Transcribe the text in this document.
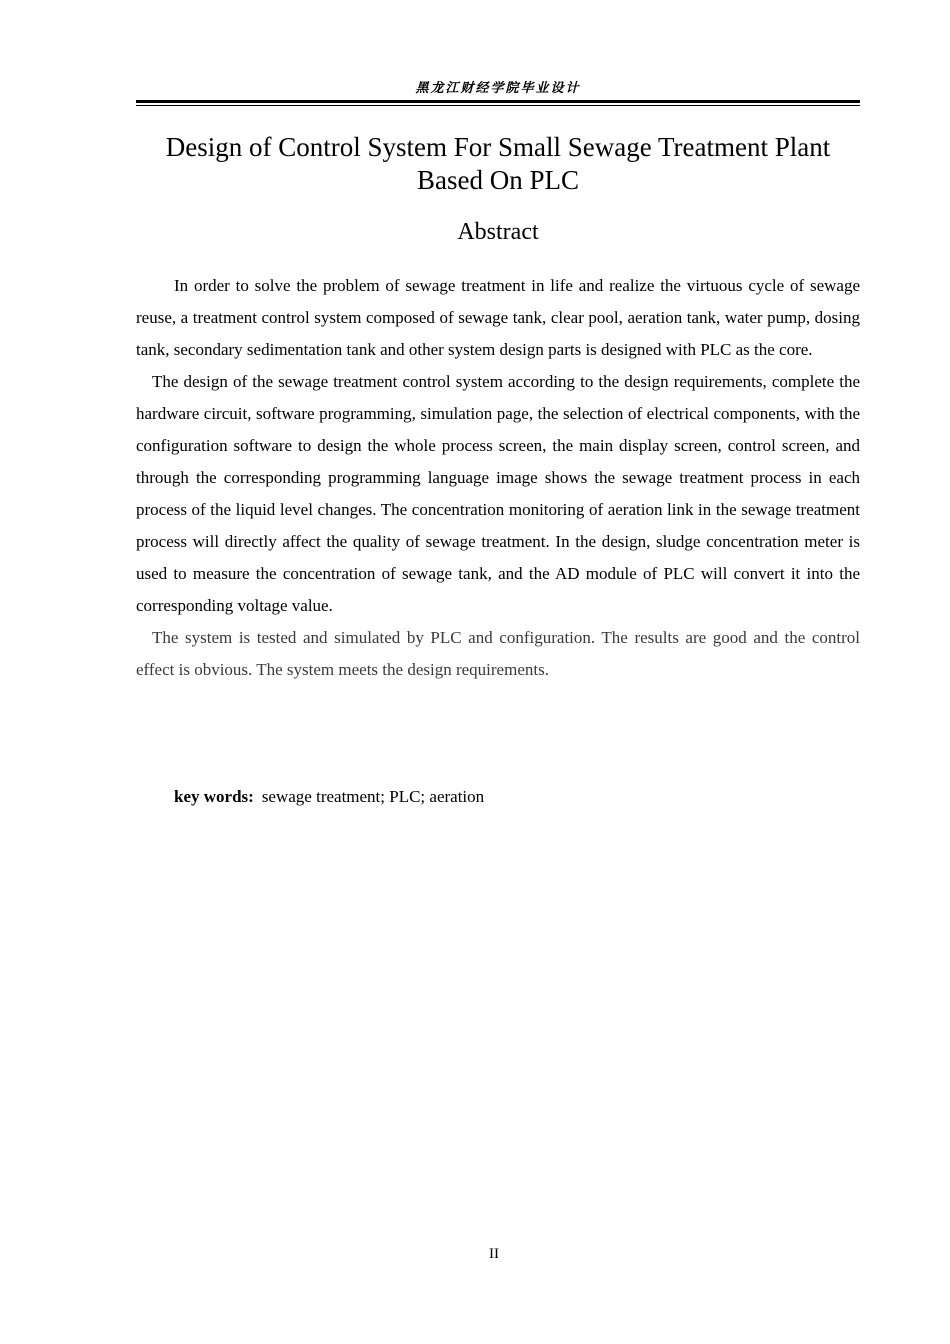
黑龙江财经学院毕业设计
Design of Control System For Small Sewage Treatment Plant
Based On PLC
Abstract

In order to solve the problem of sewage treatment in life and realize the virtuous cycle of sewage reuse, a treatment control system composed of sewage tank, clear pool, aeration tank, water pump, dosing tank, secondary sedimentation tank and other system design parts is designed with PLC as the core.

The design of the sewage treatment control system according to the design requirements, complete the hardware circuit, software programming, simulation page, the selection of electrical components, with the configuration software to design the whole process screen, the main display screen, control screen, and through the corresponding programming language image shows the sewage treatment process in each process of the liquid level changes. The concentration monitoring of aeration link in the sewage treatment process will directly affect the quality of sewage treatment. In the design, sludge concentration meter is used to measure the concentration of sewage tank, and the AD module of PLC will convert it into the corresponding voltage value.

The system is tested and simulated by PLC and configuration. The results are good and the control effect is obvious. The system meets the design requirements.

key words: sewage treatment; PLC; aeration
II
